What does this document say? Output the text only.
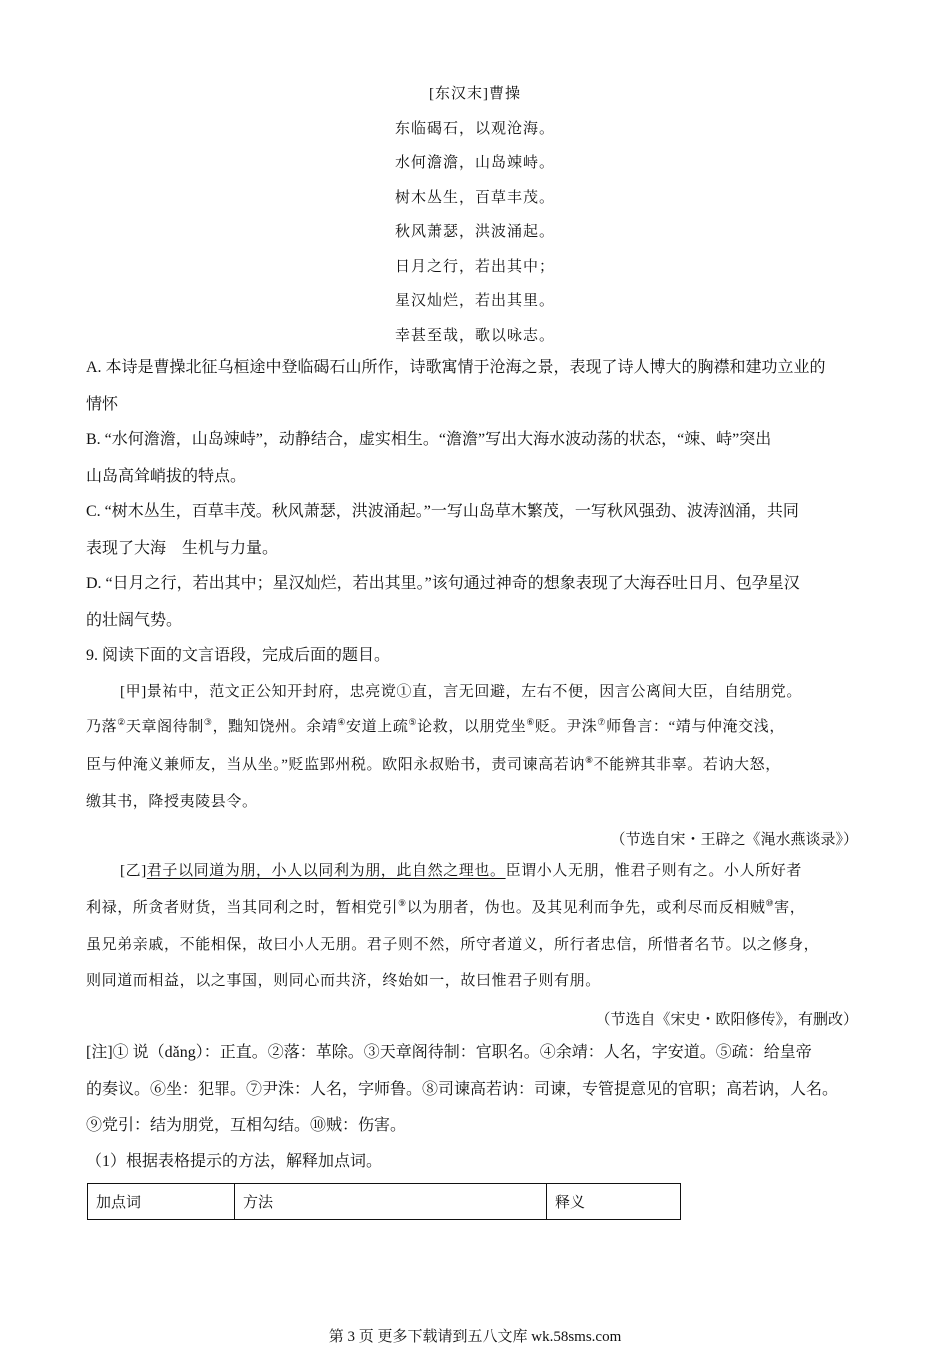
[东汉末]曹操
东临碣石，以观沧海。
水何澹澹，山岛竦峙。
树木丛生，百草丰茂。
秋风萧瑟，洪波涌起。
日月之行，若出其中；
星汉灿烂，若出其里。
幸甚至哉，歌以咏志。
A. 本诗是曹操北征乌桓途中登临碣石山所作，诗歌寓情于沧海之景，表现了诗人博大的胸襟和建功立业的
情怀
B. “水何澹澹，山岛竦峙”，动静结合，虚实相生。“澹澹”写出大海水波动荡的状态，“竦、峙”突出
山岛高耸峭拔的特点。
C. “树木丛生，百草丰茂。秋风萧瑟，洪波涌起。”一写山岛草木繁茂，一写秋风强劲、波涛汹涌，共同
表现了大海　生机与力量。
D. “日月之行，若出其中；星汉灿烂，若出其里。”该句通过神奇的想象表现了大海吞吐日月、包孕星汉
的壮阔气势。
9. 阅读下面的文言语段，完成后面的题目。
[甲]景祐中，范文正公知开封府，忠亮谠①直，言无回避，左右不便，因言公离间大臣，自结朋党。
乃落②天章阁待制③，黜知饶州。余靖④安道上疏⑤论救，以朋党坐⑥贬。尹洙⑦师鲁言：“靖与仲淹交浅，
臣与仲淹义兼师友，当从坐。”贬监郢州税。欧阳永叔贻书，责司谏高若讷⑧不能辨其非辜。若讷大怒，
缴其书，降授夷陵县令。
（节选自宋・王辟之《渑水燕谈录》）
[乙]君子以同道为朋，小人以同利为朋，此自然之理也。臣谓小人无朋，惟君子则有之。小人所好者
利禄，所贪者财货，当其同利之时，暂相党引⑨以为朋者，伪也。及其见利而争先，或利尽而反相贼⑩害，
虽兄弟亲戚，不能相保，故曰小人无朋。君子则不然，所守者道义，所行者忠信，所惜者名节。以之修身，
则同道而相益，以之事国，则同心而共济，终始如一，故曰惟君子则有朋。
（节选自《宋史・欧阳修传》，有删改）
[注]① 说（dǎng）：正直。②落：革除。③天章阁待制：官职名。④余靖：人名，字安道。⑤疏：给皇帝
的奏议。⑥坐：犯罪。⑦尹洙：人名，字师鲁。⑧司谏高若讷：司谏，专管提意见的官职；高若讷，人名。
⑨党引：结为朋党，互相勾结。⑩贼：伤害。
（1）根据表格提示的方法，解释加点词。
加点词	方法	释义
第 3 页 更多下载请到五八文库 wk.58sms.com
